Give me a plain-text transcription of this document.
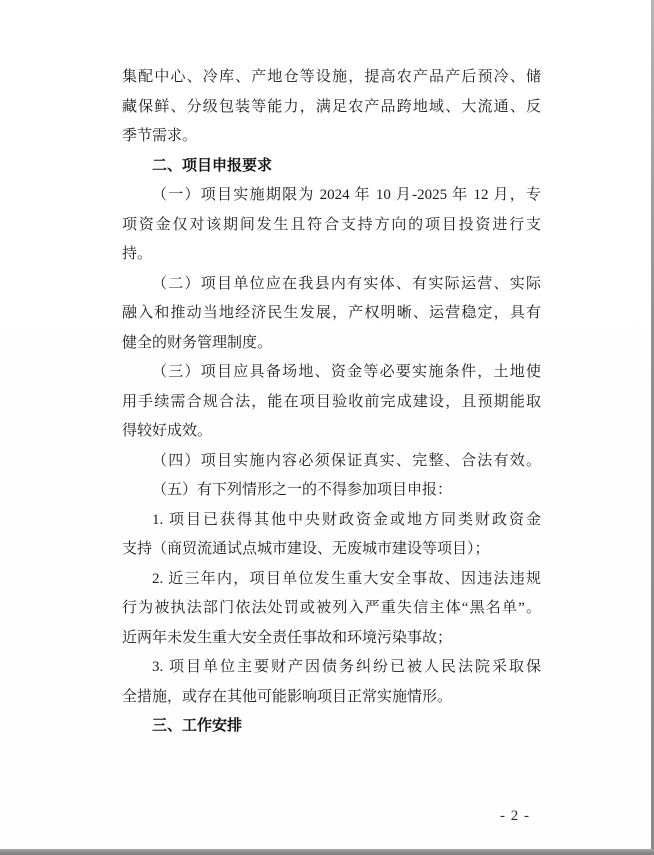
集配中心、冷库、产地仓等设施，提高农产品产后预冷、储
藏保鲜、分级包装等能力，满足农产品跨地域、大流通、反
季节需求。
二、项目申报要求
（一）项目实施期限为 2024 年 10 月-2025 年 12 月，专
项资金仅对该期间发生且符合支持方向的项目投资进行支
持。
（二）项目单位应在我县内有实体、有实际运营、实际
融入和推动当地经济民生发展，产权明晰、运营稳定，具有
健全的财务管理制度。
（三）项目应具备场地、资金等必要实施条件，土地使
用手续需合规合法，能在项目验收前完成建设，且预期能取
得较好成效。
（四）项目实施内容必须保证真实、完整、合法有效。
（五）有下列情形之一的不得参加项目申报：
1. 项目已获得其他中央财政资金或地方同类财政资金
支持（商贸流通试点城市建设、无废城市建设等项目）；
2. 近三年内，项目单位发生重大安全事故、因违法违规
行为被执法部门依法处罚或被列入严重失信主体“黑名单”。
近两年未发生重大安全责任事故和环境污染事故；
3. 项目单位主要财产因债务纠纷已被人民法院采取保
全措施，或存在其他可能影响项目正常实施情形。
三、工作安排
- 2 -
